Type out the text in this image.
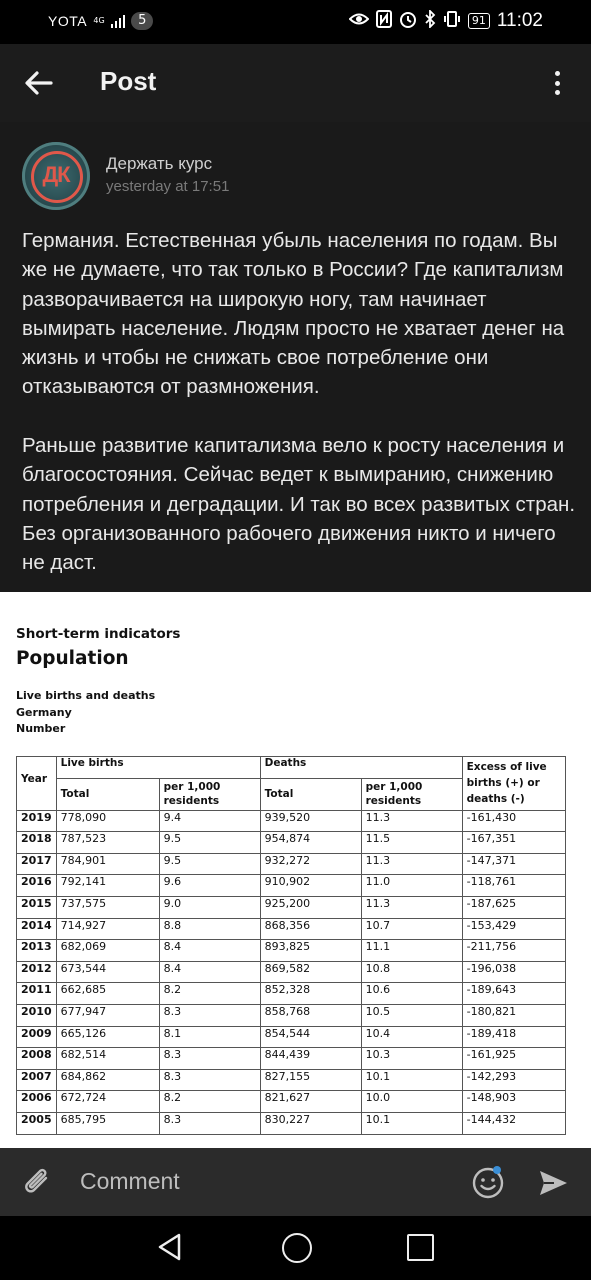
YOTA 4G	5	91 11:02
Post
ДК	Держать курс
yesterday at 17:51

Германия. Естественная убыль населения по годам. Вы же не думаете, что так только в России? Где капитализм разворачивается на широкую ногу, там начинает вымирать население. Людям просто не хватает денег на жизнь и чтобы не снижать свое потребление они отказываются от размножения.

Раньше развитие капитализма вело к росту населения и благосостояния. Сейчас ведет к вымиранию, снижению потребления и деградации. И так во всех развитых стран. Без организованного рабочего движения никто и ничего не даст.

Short-term indicators
Population
Live births and deaths
Germany
Number
Year	Live births		Deaths		Excess of live births (+) or deaths (-)
	Total	per 1,000 residents	Total	per 1,000 residents	
2019	778,090	9.4	939,520	11.3	-161,430
2018	787,523	9.5	954,874	11.5	-167,351
2017	784,901	9.5	932,272	11.3	-147,371
2016	792,141	9.6	910,902	11.0	-118,761
2015	737,575	9.0	925,200	11.3	-187,625
2014	714,927	8.8	868,356	10.7	-153,429
2013	682,069	8.4	893,825	11.1	-211,756
2012	673,544	8.4	869,582	10.8	-196,038
2011	662,685	8.2	852,328	10.6	-189,643
2010	677,947	8.3	858,768	10.5	-180,821
2009	665,126	8.1	854,544	10.4	-189,418
2008	682,514	8.3	844,439	10.3	-161,925
2007	684,862	8.3	827,155	10.1	-142,293
2006	672,724	8.2	821,627	10.0	-148,903
2005	685,795	8.3	830,227	10.1	-144,432
Comment
